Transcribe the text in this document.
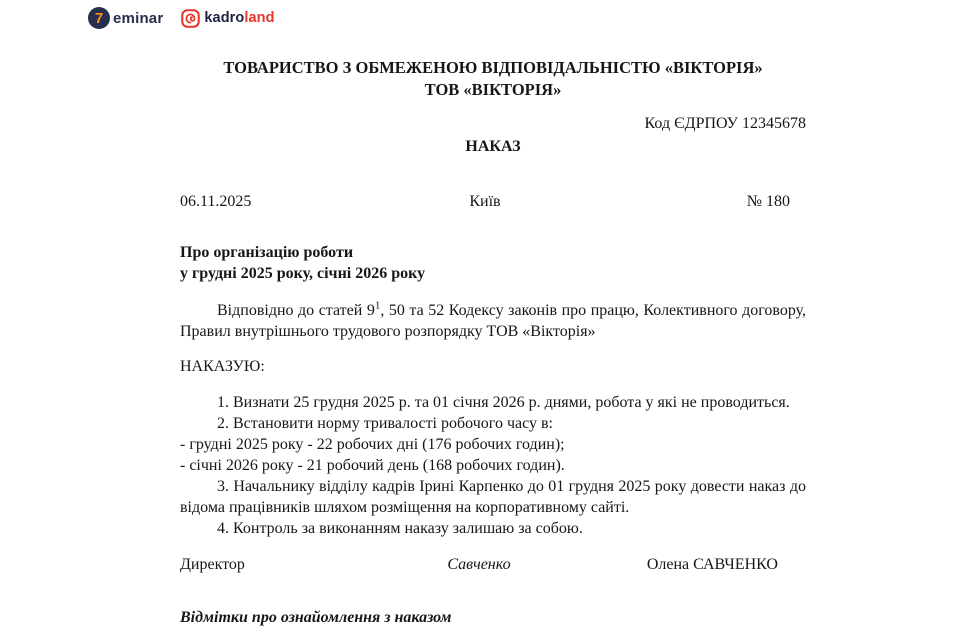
7 eminar	kadroland

ТОВАРИСТВО З ОБМЕЖЕНОЮ ВІДПОВІДАЛЬНІСТЮ «ВІКТОРІЯ»

ТОВ «ВІКТОРІЯ»

Код ЄДРПОУ 12345678

НАКАЗ

06.11.2025	Київ	№ 180

Про організацію роботи

у грудні 2025 року, січні 2026 року

Відповідно до статей $9^1$, 50 та 52 Кодексу законів про працю, Колективного договору, Правил внутрішнього трудового розпорядку ТОВ «Вікторія»

НАКАЗУЮ:

1. Визнати 25 грудня 2025 р. та 01 січня 2026 р. днями, робота у які не проводиться.

2. Встановити норму тривалості робочого часу в:

- грудні 2025 року - 22 робочих дні (176 робочих годин);

- січні 2026 року - 21 робочий день (168 робочих годин).

3. Начальнику відділу кадрів Ірині Карпенко до 01 грудня 2025 року довести наказ до відома працівників шляхом розміщення на корпоративному сайті.

4. Контроль за виконанням наказу залишаю за собою.

Директор	Савченко	Олена САВЧЕНКО

Відмітки про ознайомлення з наказом
